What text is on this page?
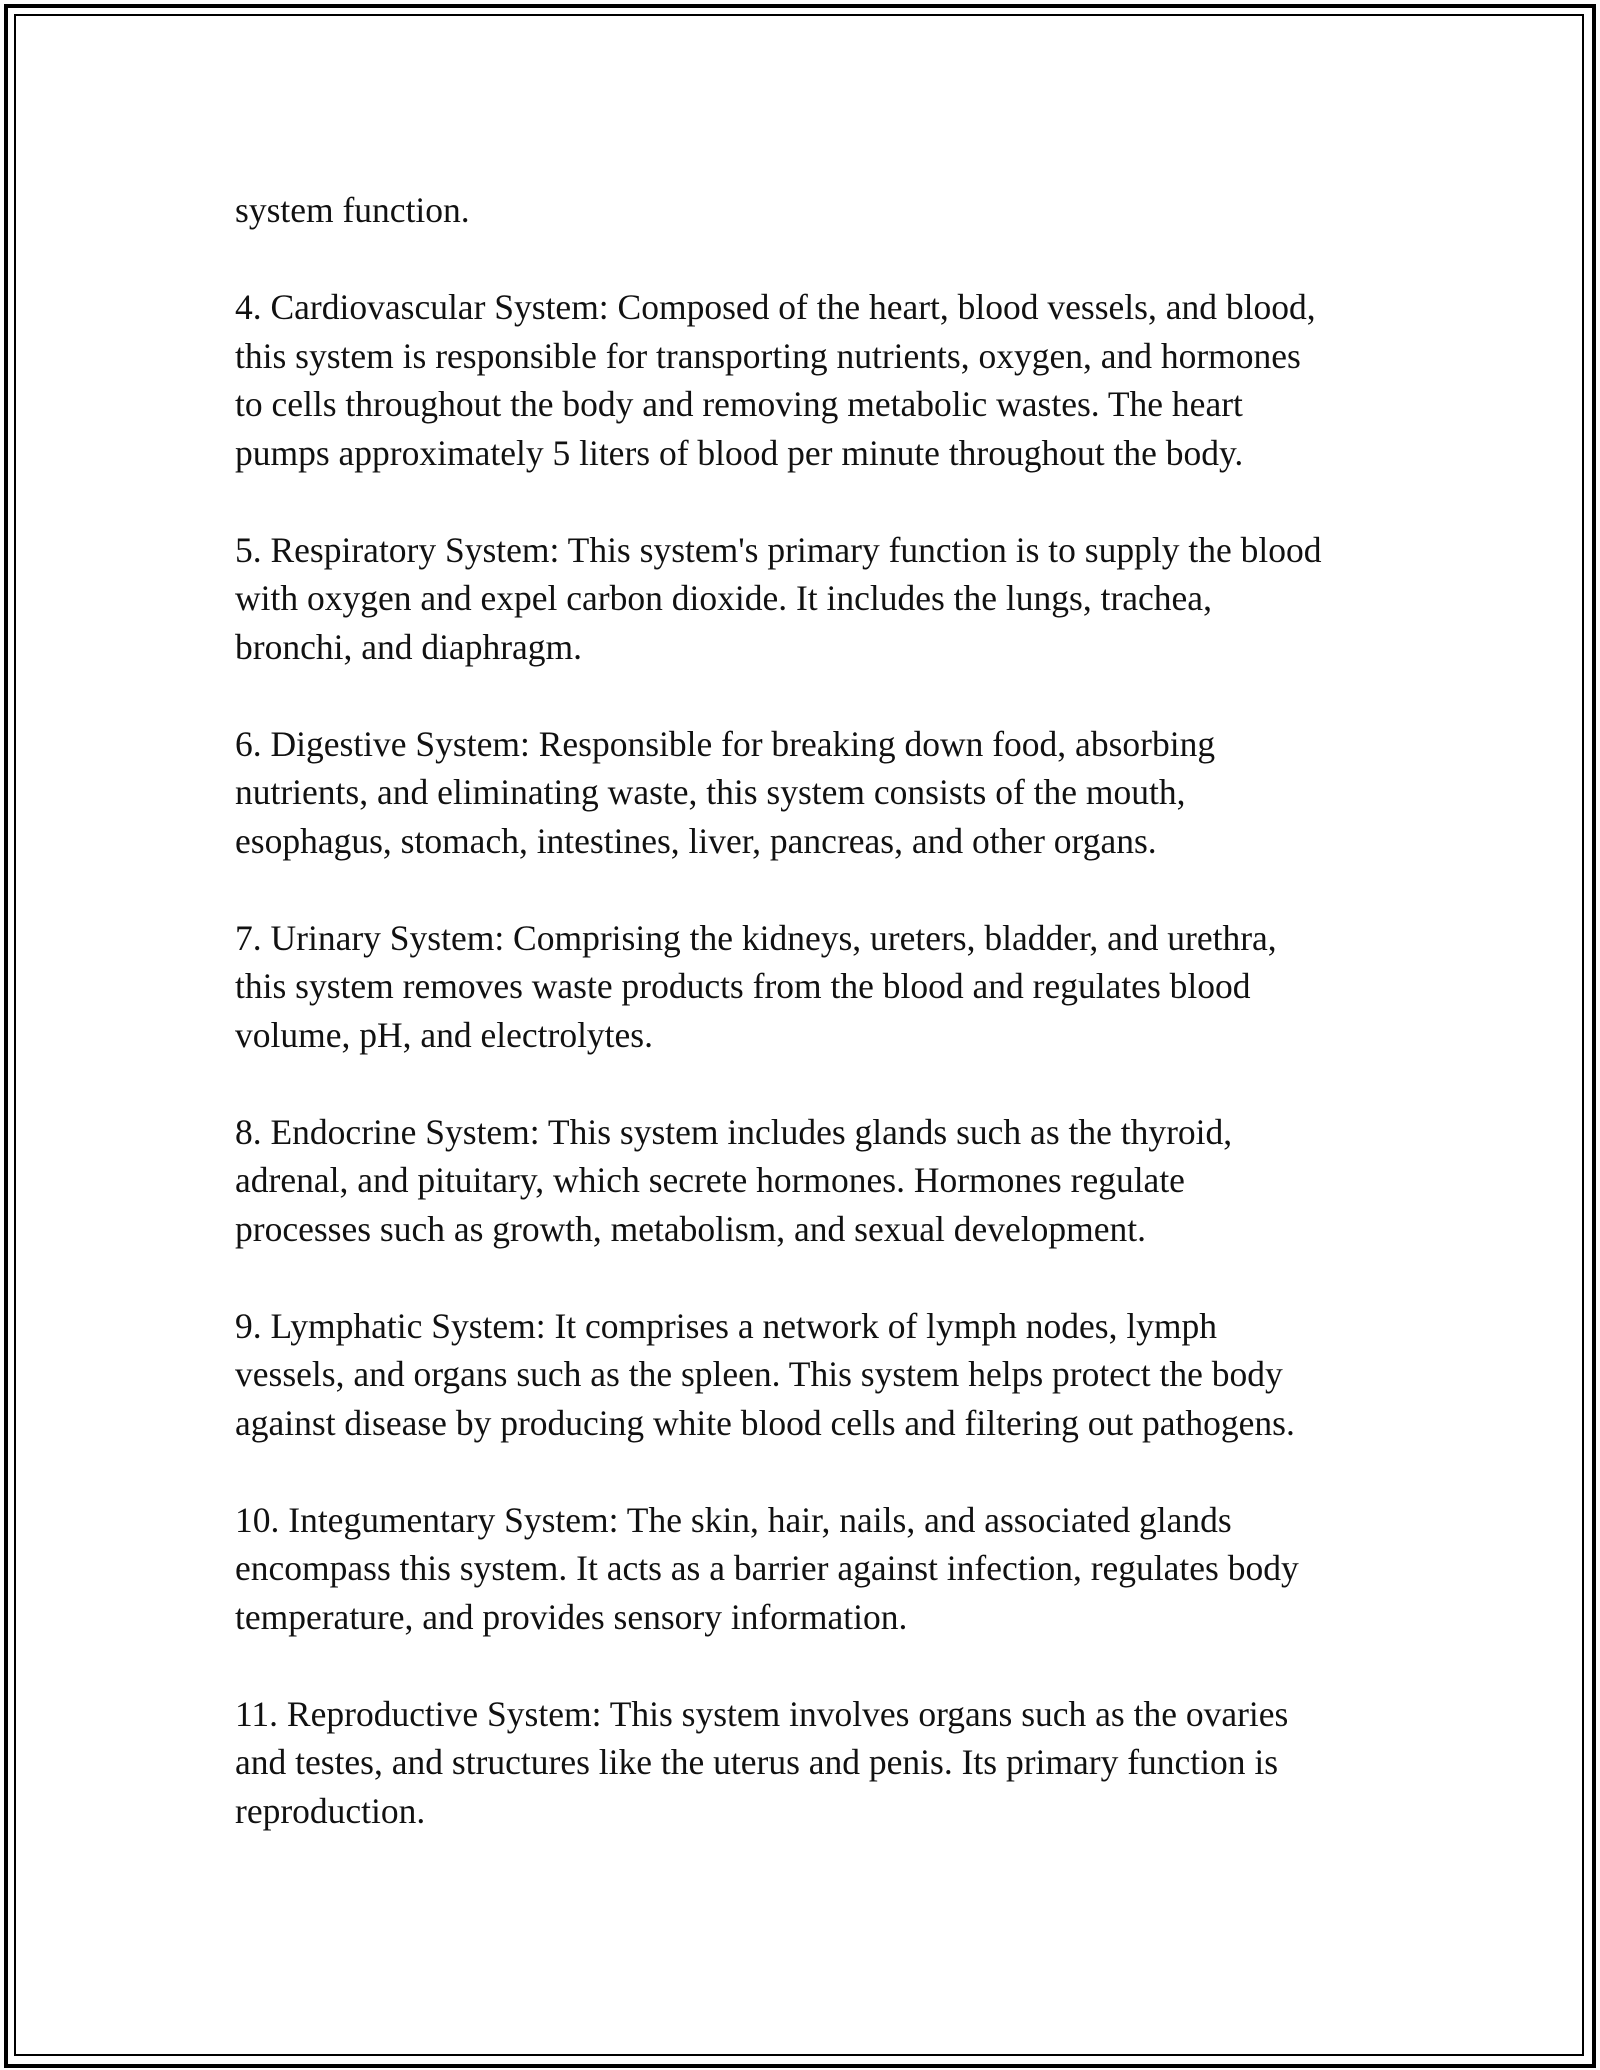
system function.

4. Cardiovascular System: Composed of the heart, blood vessels, and blood,
this system is responsible for transporting nutrients, oxygen, and hormones
to cells throughout the body and removing metabolic wastes. The heart
pumps approximately 5 liters of blood per minute throughout the body.

5. Respiratory System: This system's primary function is to supply the blood
with oxygen and expel carbon dioxide. It includes the lungs, trachea,
bronchi, and diaphragm.

6. Digestive System: Responsible for breaking down food, absorbing
nutrients, and eliminating waste, this system consists of the mouth,
esophagus, stomach, intestines, liver, pancreas, and other organs.

7. Urinary System: Comprising the kidneys, ureters, bladder, and urethra,
this system removes waste products from the blood and regulates blood
volume, pH, and electrolytes.

8. Endocrine System: This system includes glands such as the thyroid,
adrenal, and pituitary, which secrete hormones. Hormones regulate
processes such as growth, metabolism, and sexual development.

9. Lymphatic System: It comprises a network of lymph nodes, lymph
vessels, and organs such as the spleen. This system helps protect the body
against disease by producing white blood cells and filtering out pathogens.

10. Integumentary System: The skin, hair, nails, and associated glands
encompass this system. It acts as a barrier against infection, regulates body
temperature, and provides sensory information.

11. Reproductive System: This system involves organs such as the ovaries
and testes, and structures like the uterus and penis. Its primary function is
reproduction.
